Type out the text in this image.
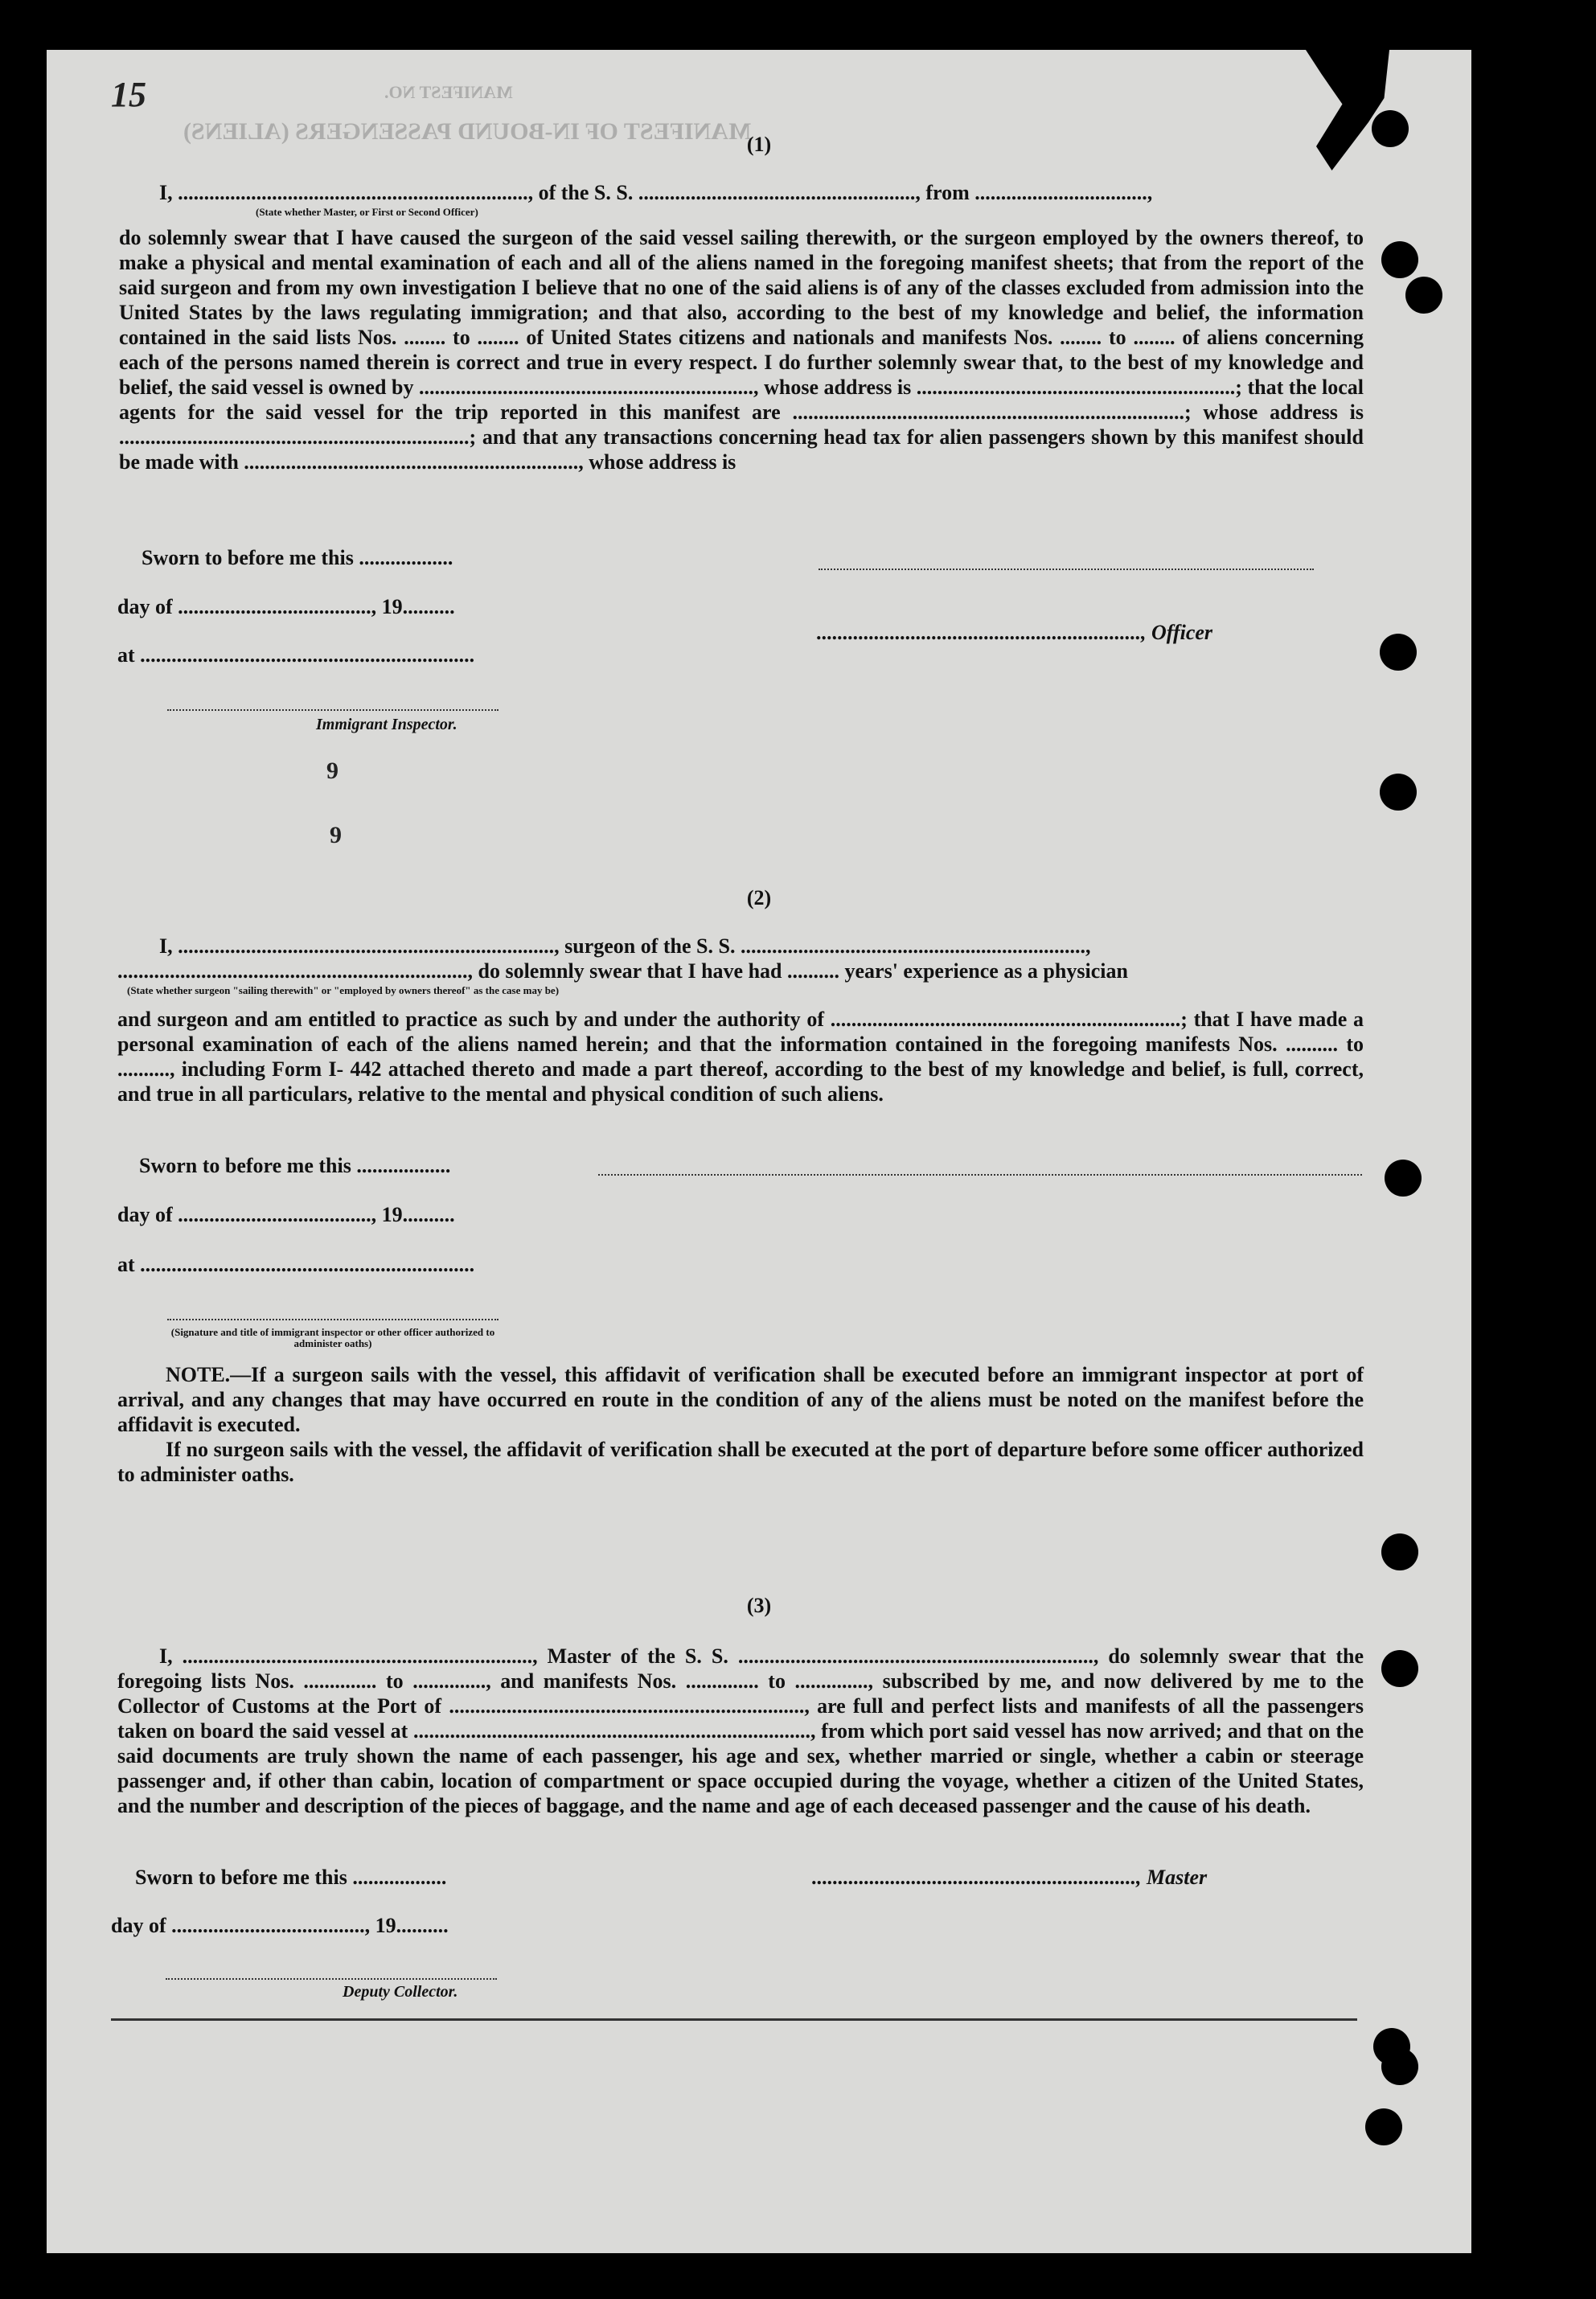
MANIFEST OF IN-BOUND PASSENGERS (ALIENS)
MANIFEST NO.
15
(1)
I, ..................................................................., of the S. S. ....................................................., from .................................,
(State whether Master, or First or Second Officer)
do solemnly swear that I have caused the surgeon of the said vessel sailing therewith, or the surgeon employed by the owners thereof, to make a physical and mental examination of each and all of the aliens named in the foregoing manifest sheets; that from the report of the said surgeon and from my own investigation I believe that no one of the said aliens is of any of the classes excluded from admission into the United States by the laws regulating immigration; and that also, according to the best of my knowledge and belief, the information contained in the said lists Nos. ........ to ........ of United States citizens and nationals and manifests Nos. ........ to ........ of aliens concerning each of the persons named therein is correct and true in every respect. I do further solemnly swear that, to the best of my knowledge and belief, the said vessel is owned by ................................................................, whose address is .............................................................; that the local agents for the said vessel for the trip reported in this manifest are ...........................................................................; whose address is ...................................................................; and that any transactions concerning head tax for alien passengers shown by this manifest should be made with ................................................................, whose address is
Sworn to before me this ..................
day of ....................................., 19..........
.............................................................., Officer
at ................................................................
Immigrant Inspector.
9
9
(2)
I, ........................................................................, surgeon of the S. S. ..................................................................,
..................................................................., do solemnly swear that I have had .......... years' experience as a physician
(State whether surgeon "sailing therewith" or "employed by owners thereof" as the case may be)
and surgeon and am entitled to practice as such by and under the authority of ...................................................................; that I have made a personal examination of each of the aliens named herein; and that the information contained in the foregoing manifests Nos. .......... to .........., including Form I- 442 attached thereto and made a part thereof, according to the best of my knowledge and belief, is full, correct, and true in all particulars, relative to the mental and physical condition of such aliens.
Sworn to before me this ..................
day of ....................................., 19..........
at ................................................................
(Signature and title of immigrant inspector or other officer authorized to administer oaths)
NOTE.—If a surgeon sails with the vessel, this affidavit of verification shall be executed before an immigrant inspector at port of arrival, and any changes that may have occurred en route in the condition of any of the aliens must be noted on the manifest before the affidavit is executed.
If no surgeon sails with the vessel, the affidavit of verification shall be executed at the port of departure before some officer authorized to administer oaths.
(3)
I, ..................................................................., Master of the S. S. ...................................................................., do solemnly swear that the foregoing lists Nos. .............. to .............., and manifests Nos. .............. to .............., subscribed by me, and now delivered by me to the Collector of Customs at the Port of ...................................................................., are full and perfect lists and manifests of all the passengers taken on board the said vessel at ............................................................................, from which port said vessel has now arrived; and that on the said documents are truly shown the name of each passenger, his age and sex, whether married or single, whether a cabin or steerage passenger and, if other than cabin, location of compartment or space occupied during the voyage, whether a citizen of the United States, and the number and description of the pieces of baggage, and the name and age of each deceased passenger and the cause of his death.
Sworn to before me this ..................	.............................................................., Master
day of ....................................., 19..........
Deputy Collector.
